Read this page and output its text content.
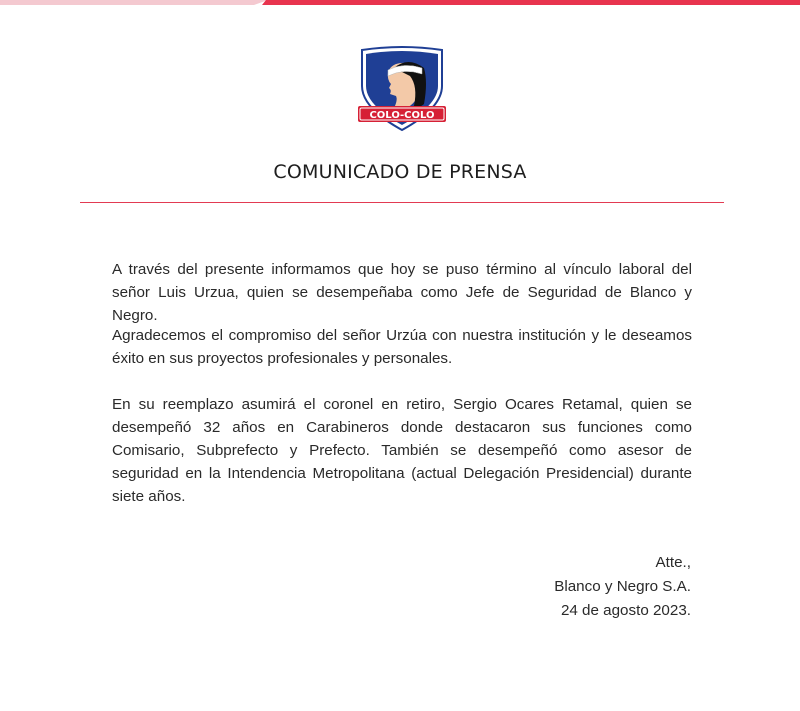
COLO-COLO
COMUNICADO DE PRENSA
A través del presente informamos que hoy se puso término al vínculo laboral del señor Luis Urzua, quien se desempeñaba como Jefe de Seguridad de Blanco y Negro.
Agradecemos el compromiso del señor Urzúa con nuestra institución y le deseamos éxito en sus proyectos profesionales y personales.
En su reemplazo asumirá el coronel en retiro, Sergio Ocares Retamal, quien se desempeñó 32 años en Carabineros donde destacaron sus funciones como Comisario, Subprefecto y Prefecto. También se desempeñó como asesor de seguridad en la Intendencia Metropolitana (actual Delegación Presidencial) durante siete años.
Atte.,
Blanco y Negro S.A.
24 de agosto 2023.
